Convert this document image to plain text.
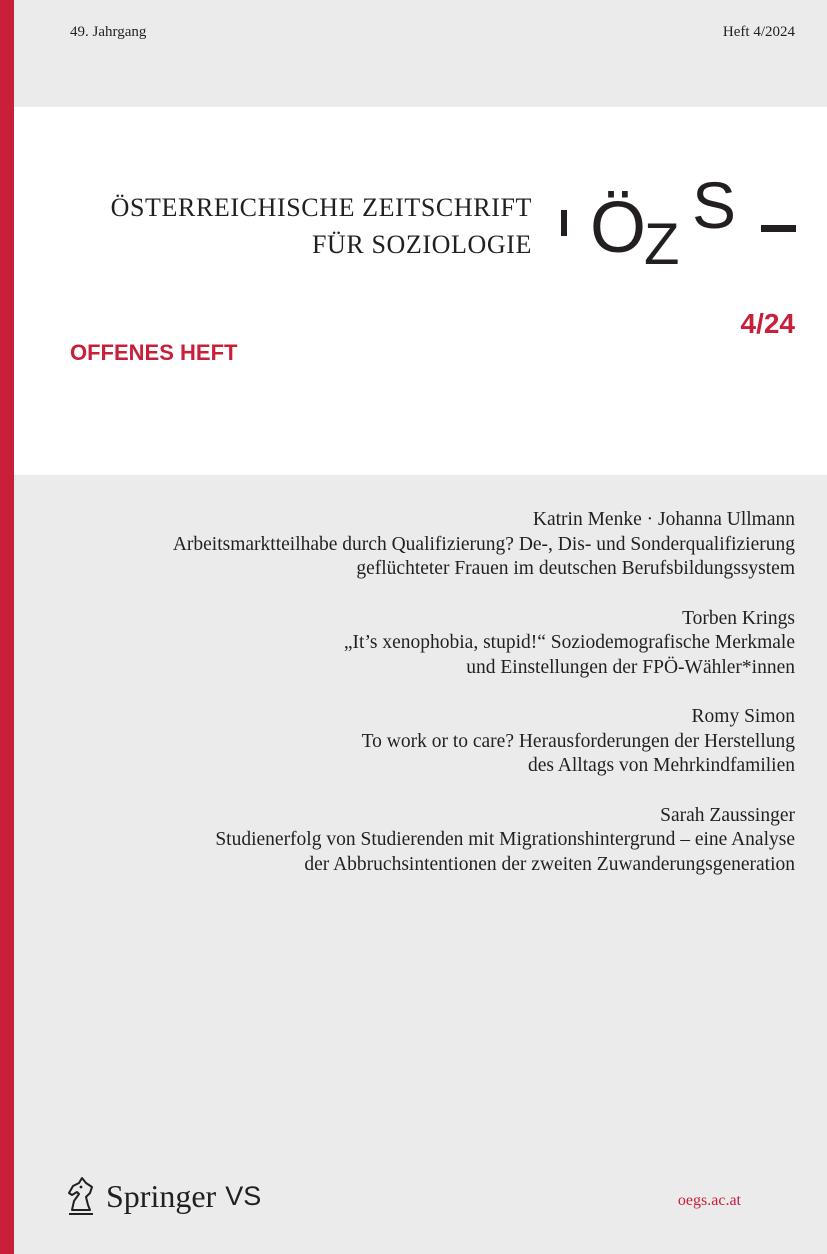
49. Jahrgang	Heft 4/2024
ÖSTERREICHISCHE ZEITSCHRIFT
FÜR SOZIOLOGIE Ö
Z
S
4/24
OFFENES HEFT
Katrin Menke · Johanna Ullmann
Arbeitsmarktteilhabe durch Qualifizierung? De-, Dis- und Sonderqualifizierung
geflüchteter Frauen im deutschen Berufsbildungssystem
Torben Krings
„It’s xenophobia, stupid!“ Soziodemografische Merkmale
und Einstellungen der FPÖ-Wähler*innen
Romy Simon
To work or to care? Herausforderungen der Herstellung
des Alltags von Mehrkindfamilien
Sarah Zaussinger
Studienerfolg von Studierenden mit Migrationshintergrund – eine Analyse
der Abbruchsintentionen der zweiten Zuwanderungsgeneration
Springer VS	oegs.ac.at
